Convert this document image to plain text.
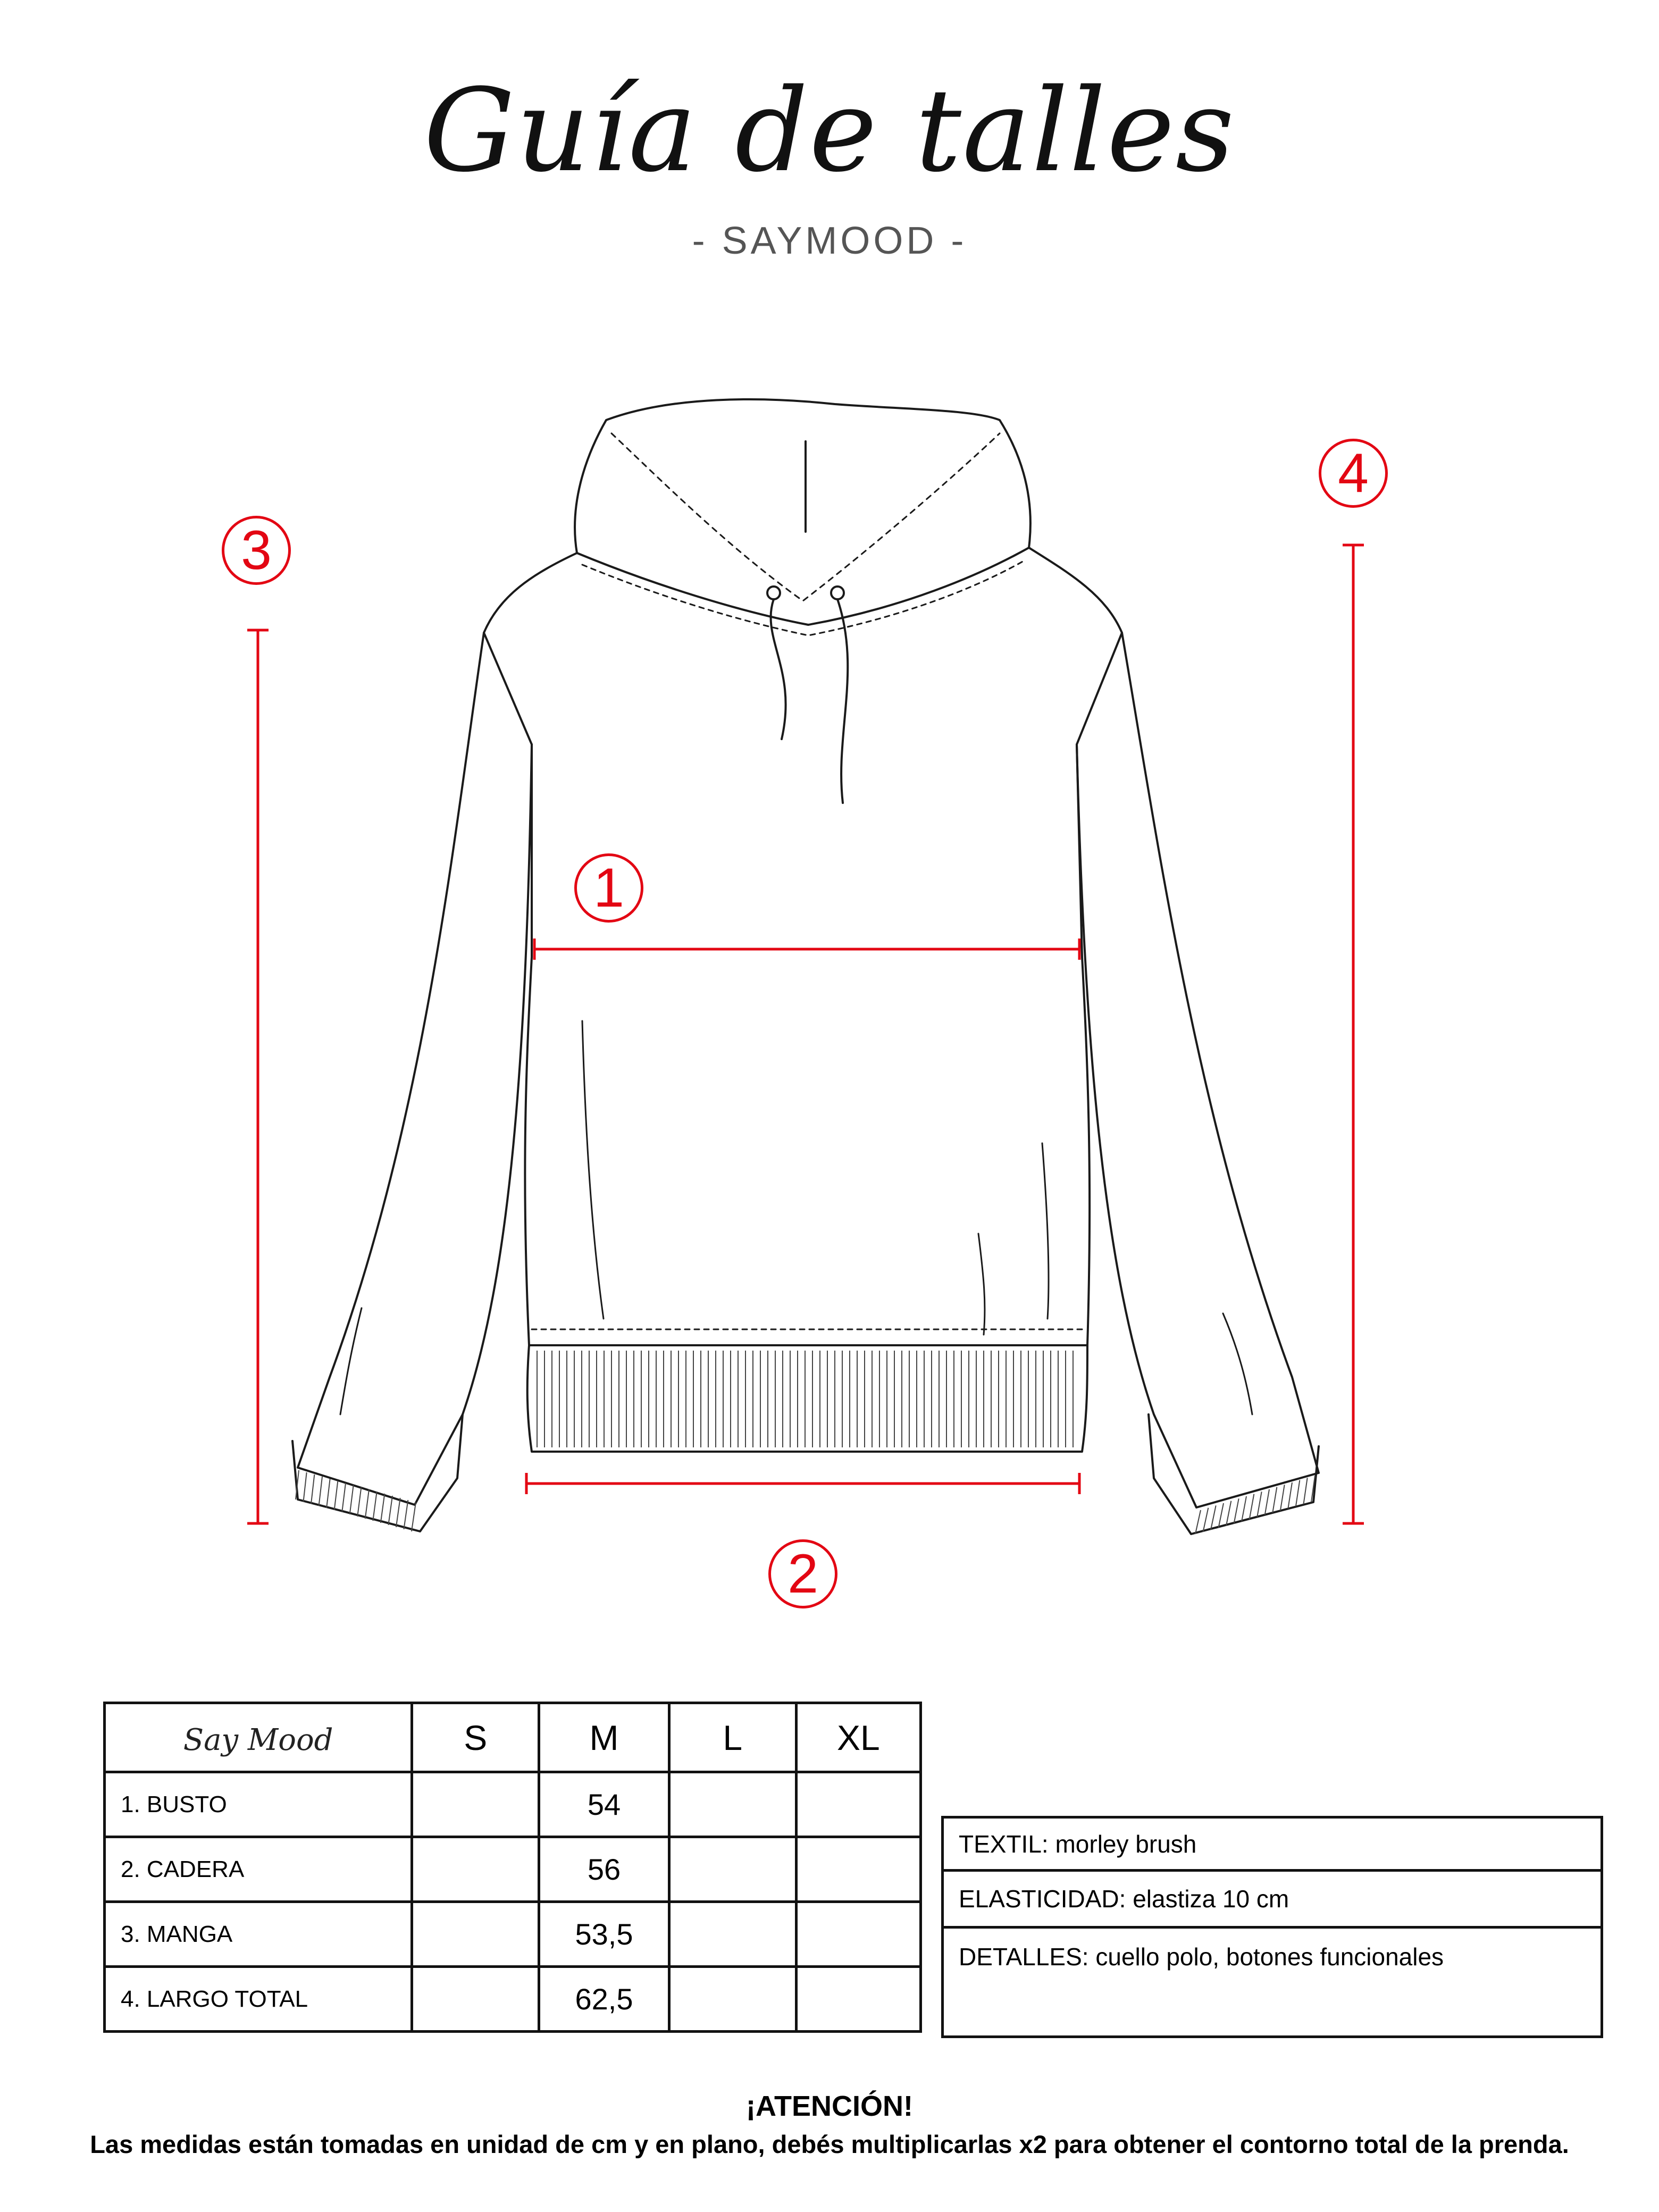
Guía de talles
- SAYMOOD -
1
2
3
4
Say Mood	S	M	L	XL
1. BUSTO		54		
2. CADERA		56		
3. MANGA		53,5		
4. LARGO TOTAL		62,5		
TEXTIL: morley brush
ELASTICIDAD: elastiza 10 cm
DETALLES: cuello polo, botones funcionales
¡ATENCIÓN!
Las medidas están tomadas en unidad de cm y en plano, debés multiplicarlas x2 para obtener el contorno total de la prenda.
